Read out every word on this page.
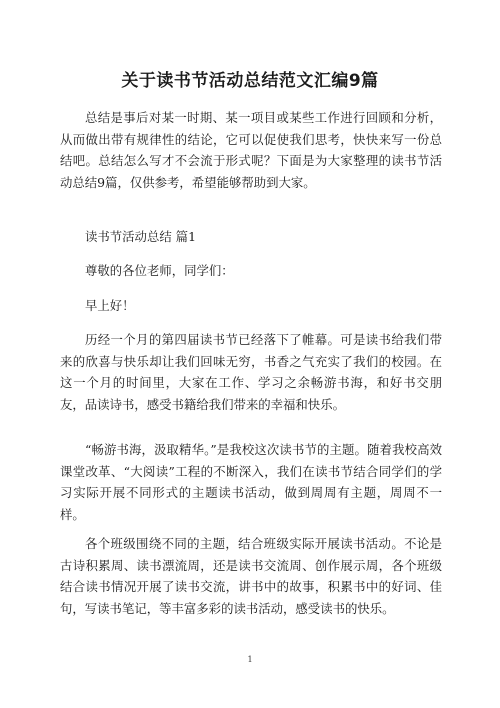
关于读书节活动总结范文汇编9篇

总结是事后对某一时期、某一项目或某些工作进行回顾和分析，从而做出带有规律性的结论，它可以促使我们思考，快快来写一份总结吧。总结怎么写才不会流于形式呢？下面是为大家整理的读书节活动总结9篇，仅供参考，希望能够帮助到大家。

读书节活动总结 篇1

尊敬的各位老师，同学们：

早上好！

历经一个月的第四届读书节已经落下了帷幕。可是读书给我们带来的欣喜与快乐却让我们回味无穷，书香之气充实了我们的校园。在这一个月的时间里，大家在工作、学习之余畅游书海，和好书交朋友，品读诗书，感受书籍给我们带来的幸福和快乐。

“畅游书海，汲取精华。”是我校这次读书节的主题。随着我校高效课堂改革、“大阅读”工程的不断深入，我们在读书节结合同学们的学习实际开展不同形式的主题读书活动，做到周周有主题，周周不一样。

各个班级围绕不同的主题，结合班级实际开展读书活动。不论是古诗积累周、读书漂流周，还是读书交流周、创作展示周，各个班级结合读书情况开展了读书交流，讲书中的故事，积累书中的好词、佳句，写读书笔记，等丰富多彩的读书活动，感受读书的快乐。

1
